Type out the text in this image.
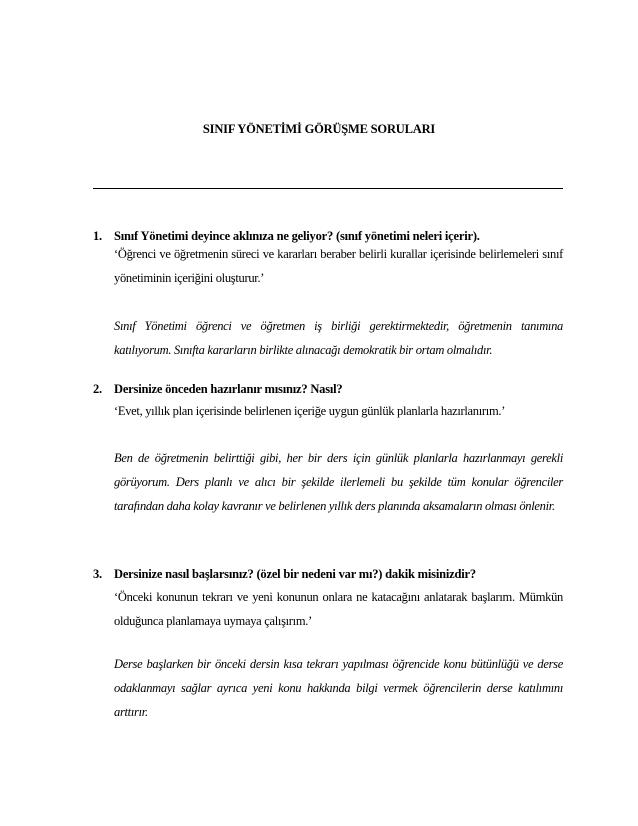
SINIF YÖNETİMİ GÖRÜŞME SORULARI
1. Sınıf Yönetimi deyince aklınıza ne geliyor? (sınıf yönetimi neleri içerir).
‘Öğrenci ve öğretmenin süreci ve kararları beraber belirli kurallar içerisinde belirlemeleri sınıf yönetiminin içeriğini oluşturur.’
Sınıf Yönetimi öğrenci ve öğretmen iş birliği gerektirmektedir, öğretmenin tanımına katılıyorum. Sınıfta kararların birlikte alınacağı demokratik bir ortam olmalıdır.
2. Dersinize önceden hazırlanır mısınız? Nasıl?
‘Evet, yıllık plan içerisinde belirlenen içeriğe uygun günlük planlarla hazırlanırım.’
Ben de öğretmenin belirttiği gibi, her bir ders için günlük planlarla hazırlanmayı gerekli görüyorum. Ders planlı ve alıcı bir şekilde ilerlemeli bu şekilde tüm konular öğrenciler tarafından daha kolay kavranır ve belirlenen yıllık ders planında aksamaların olması önlenir.
3. Dersinize nasıl başlarsınız? (özel bir nedeni var mı?) dakik misinizdir?
‘Önceki konunun tekrarı ve yeni konunun onlara ne katacağını anlatarak başlarım. Mümkün olduğunca planlamaya uymaya çalışırım.’
Derse başlarken bir önceki dersin kısa tekrarı yapılması öğrencide konu bütünlüğü ve derse odaklanmayı sağlar ayrıca yeni konu hakkında bilgi vermek öğrencilerin derse katılımını arttırır.
